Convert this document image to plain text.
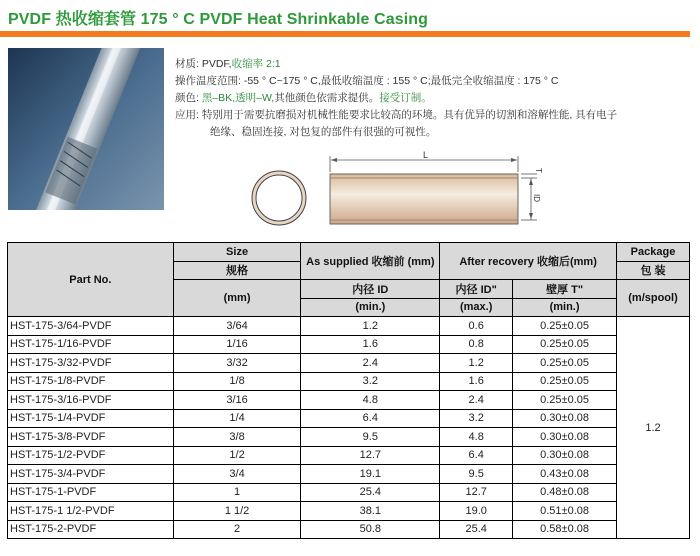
PVDF 热收缩套管 175 ° C PVDF Heat Shrinkable Casing
材质: PVDF,收缩率 2:1
操作温度范围: -55 ° C~175 ° C,最低收缩温度 : 155 ° C;最低完全收缩温度 : 175 ° C
颜色: 黑–BK,透明–W,其他颜色依需求提供。接受订制。
应用: 特别用于需要抗磨损对机械性能要求比较高的环境。具有优异的切割和溶解性能, 具有电子
绝缘、稳固连接, 对包复的部件有很强的可视性。
L
T
ID
Part No.	Size	As supplied 收缩前 (mm)	After recovery 收缩后(mm)		Package
	规格				包 装
	(mm)	内径 ID	内径 ID"	壁厚 T"	(m/spool)
		(min.)	(max.)	(min.)	
HST-175-3/64-PVDF	3/64	1.2	0.6	0.25±0.05	1.2
HST-175-1/16-PVDF	1/16	1.6	0.8	0.25±0.05	
HST-175-3/32-PVDF	3/32	2.4	1.2	0.25±0.05	
HST-175-1/8-PVDF	1/8	3.2	1.6	0.25±0.05	
HST-175-3/16-PVDF	3/16	4.8	2.4	0.25±0.05	
HST-175-1/4-PVDF	1/4	6.4	3.2	0.30±0.08	
HST-175-3/8-PVDF	3/8	9.5	4.8	0.30±0.08	
HST-175-1/2-PVDF	1/2	12.7	6.4	0.30±0.08	
HST-175-3/4-PVDF	3/4	19.1	9.5	0.43±0.08	
HST-175-1-PVDF	1	25.4	12.7	0.48±0.08	
HST-175-1 1/2-PVDF	1 1/2	38.1	19.0	0.51±0.08	
HST-175-2-PVDF	2	50.8	25.4	0.58±0.08	
